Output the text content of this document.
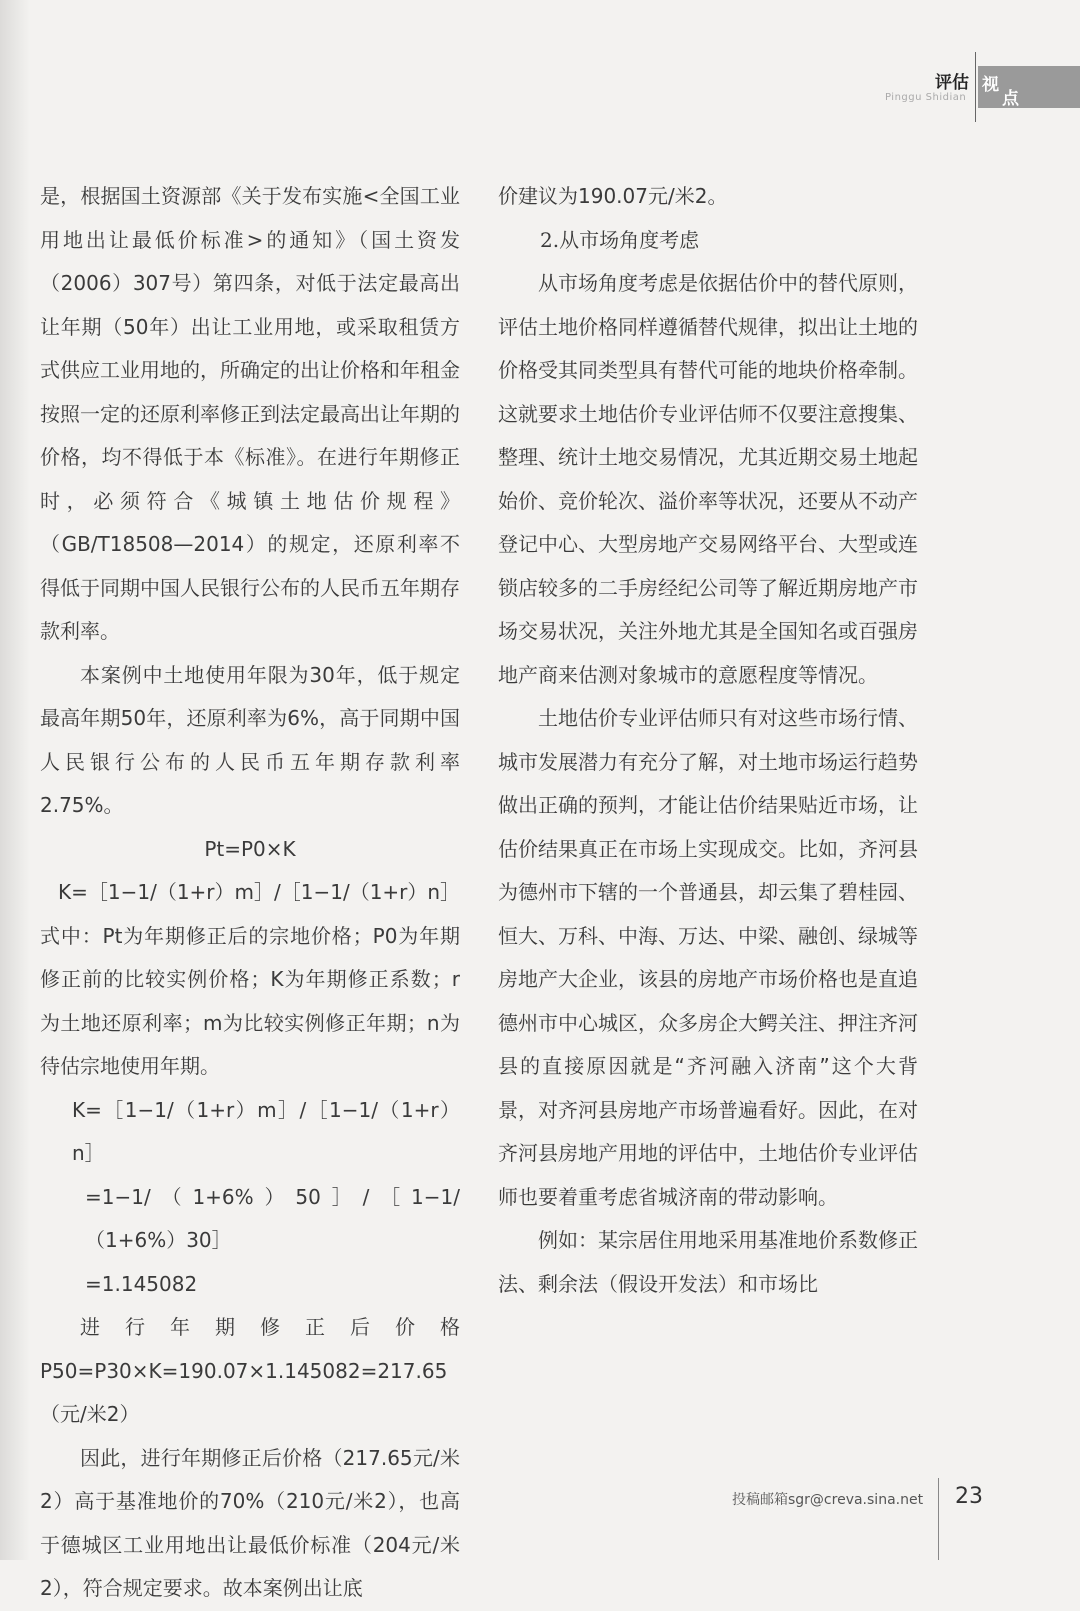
评估 视
点
Pinggu Shidian

是，根据国土资源部《关于发布实施<全国工业用地出让最低价标准>的通知》（国土资发（2006）307号）第四条，对低于法定最高出让年期（50年）出让工业用地，或采取租赁方式供应工业用地的，所确定的出让价格和年租金按照一定的还原利率修正到法定最高出让年期的价格，均不得低于本《标准》。在进行年期修正时，必须符合《城镇土地估价规程》（GB/T18508—2014）的规定，还原利率不得低于同期中国人民银行公布的人民币五年期存款利率。

本案例中土地使用年限为30年，低于规定最高年期50年，还原利率为6%，高于同期中国人民银行公布的人民币五年期存款利率2.75%。

Pt=P0×K

K=［1−1/（1+r）m］/［1−1/（1+r）n］

式中：Pt为年期修正后的宗地价格；P0为年期修正前的比较实例价格；K为年期修正系数；r为土地还原利率；m为比较实例修正年期；n为待估宗地使用年期。

K=［1−1/（1+r）m］/［1−1/（1+r）n］

=1−1/（1+6%）50］/［1−1/（1+6%）30］

=1.145082

进行年期修正后价格P50=P30×K=190.07×1.145082=217.65（元/米2）

因此，进行年期修正后价格（217.65元/米2）高于基准地价的70%（210元/米2），也高于德城区工业用地出让最低价标准（204元/米2），符合规定要求。故本案例出让底

价建议为190.07元/米2。

2.从市场角度考虑

从市场角度考虑是依据估价中的替代原则，评估土地价格同样遵循替代规律，拟出让土地的价格受其同类型具有替代可能的地块价格牵制。这就要求土地估价专业评估师不仅要注意搜集、整理、统计土地交易情况，尤其近期交易土地起始价、竞价轮次、溢价率等状况，还要从不动产登记中心、大型房地产交易网络平台、大型或连锁店较多的二手房经纪公司等了解近期房地产市场交易状况，关注外地尤其是全国知名或百强房地产商来估测对象城市的意愿程度等情况。

土地估价专业评估师只有对这些市场行情、城市发展潜力有充分了解，对土地市场运行趋势做出正确的预判，才能让估价结果贴近市场，让估价结果真正在市场上实现成交。比如，齐河县为德州市下辖的一个普通县，却云集了碧桂园、恒大、万科、中海、万达、中梁、融创、绿城等房地产大企业，该县的房地产市场价格也是直追德州市中心城区，众多房企大鳄关注、押注齐河县的直接原因就是“齐河融入济南”这个大背景，对齐河县房地产市场普遍看好。因此，在对齐河县房地产用地的评估中，土地估价专业评估师也要着重考虑省城济南的带动影响。

例如：某宗居住用地采用基准地价系数修正法、剩余法（假设开发法）和市场比

投稿邮箱sgr@creva.sina.net 23
